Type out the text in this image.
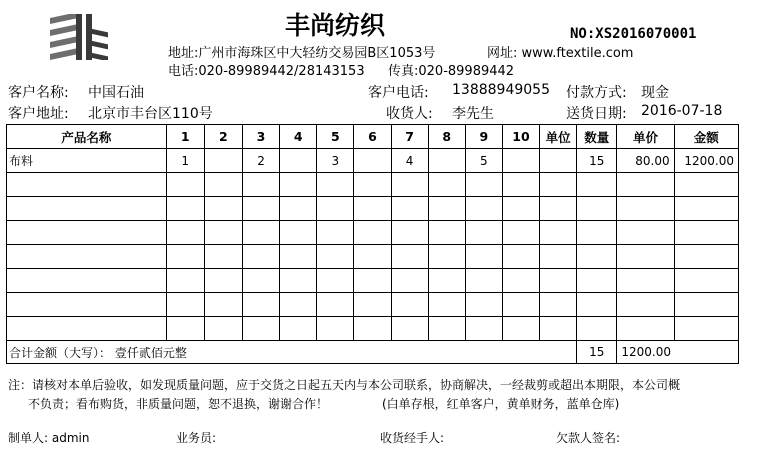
丰尚纺织	NO:XS2016070001
地址:广州市海珠区中大轻纺交易园B区1053号	网址: www.ftextile.com
电话:020-89989442/28143153 传真:020-89989442
客户名称: 中国石油	客户电话: 13888949055 付款方式: 现金
客户地址: 北京市丰台区110号	收货人: 李先生	送货日期: 2016-07-18
产品名称	1	2	3	4	5	6	7	8	9	10	单位	数量	单价	金额
布料	1		2		3		4		5			15	80.00	1200.00

合计金额（大写）： 壹仟贰佰元整												15	1200.00	
注：请核对本单后验收，如发现质量问题，应于交货之日起五天内与本公司联系，协商解决，一经裁剪或超出本期限，本公司概
不负责；看布购货，非质量问题，恕不退换，谢谢合作！	(白单存根，红单客户，黄单财务，蓝单仓库)
制单人: admin	业务员:	收货经手人:	欠款人签名:
